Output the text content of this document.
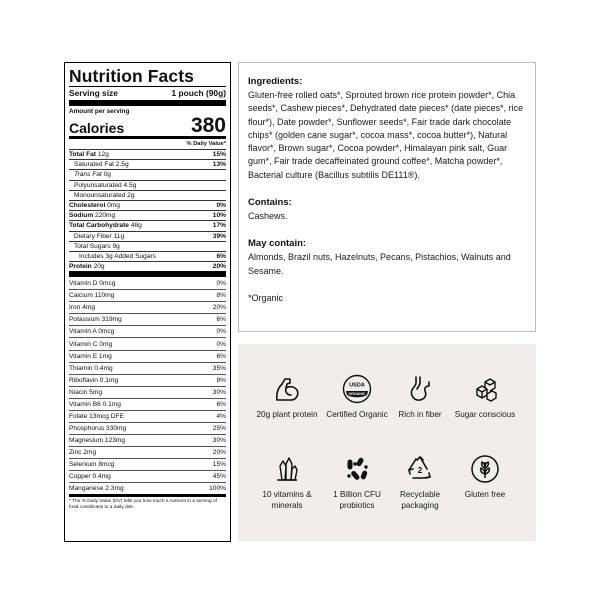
Nutrition Facts
Serving size	1 pouch (90g)
Amount per serving
Calories	380
% Daily Value*
Total Fat 12g	15%
Saturated Fat 2.5g	13%
Trans Fat 0g
Polyunsaturated 4.5g
Monounsaturated 2g
Cholesterol 0mg	0%
Sodium 220mg	10%
Total Carbohydrate 48g	17%
Dietary Fiber 11g	39%
Total Sugars 9g
Includes 3g Added Sugars	6%
Protein 20g	20%
Vitamin D 0mcg	0%
Calcium 110mg	8%
Iron 4mg	20%
Potassium 319mg	6%
Vitamin A 0mcg	0%
Vitamin C 0mg	0%
Vitamin E 1mg	6%
Thiamin 0.4mg	35%
Riboflavin 0.1mg	8%
Niacin 5mg	30%
Vitamin B6 0.1mg	6%
Folate 13mcg DFE	4%
Phosphorus 330mg	25%
Magnesium 123mg	30%
Zinc 2mg	20%
Selenium 8mcg	15%
Copper 0.4mg	45%
Manganese 2.3mg	100%
* The % Daily Value (DV) tells you how much a nutrient in a serving of food contributes to a daily diet.
Ingredients:

Gluten-free rolled oats*, Sprouted brown rice protein powder*, Chia seeds*, Cashew pieces*, Dehydrated date pieces* (date pieces*, rice flour*), Date powder*, Sunflower seeds*, Fair trade dark chocolate chips* (golden cane sugar*, cocoa mass*, cocoa butter*), Natural flavor*, Brown sugar*, Cocoa powder*, Himalayan pink salt, Guar gum*, Fair trade decaffeinated ground coffee*, Matcha powder*, Bacterial culture (Bacillus subtilis DE111®).

Contains:

Cashews.

May contain:

Almonds, Brazil nuts, Hazelnuts, Pecans, Pistachios, Walnuts and Sesame.

*Organic

20g plant protein
USDA
ORGANIC
Certified Organic	Rich in fiber	Sugar conscious
10 vitamins & minerals
1 Billion CFU probiotics
2
Recyclable packaging
Gluten free
